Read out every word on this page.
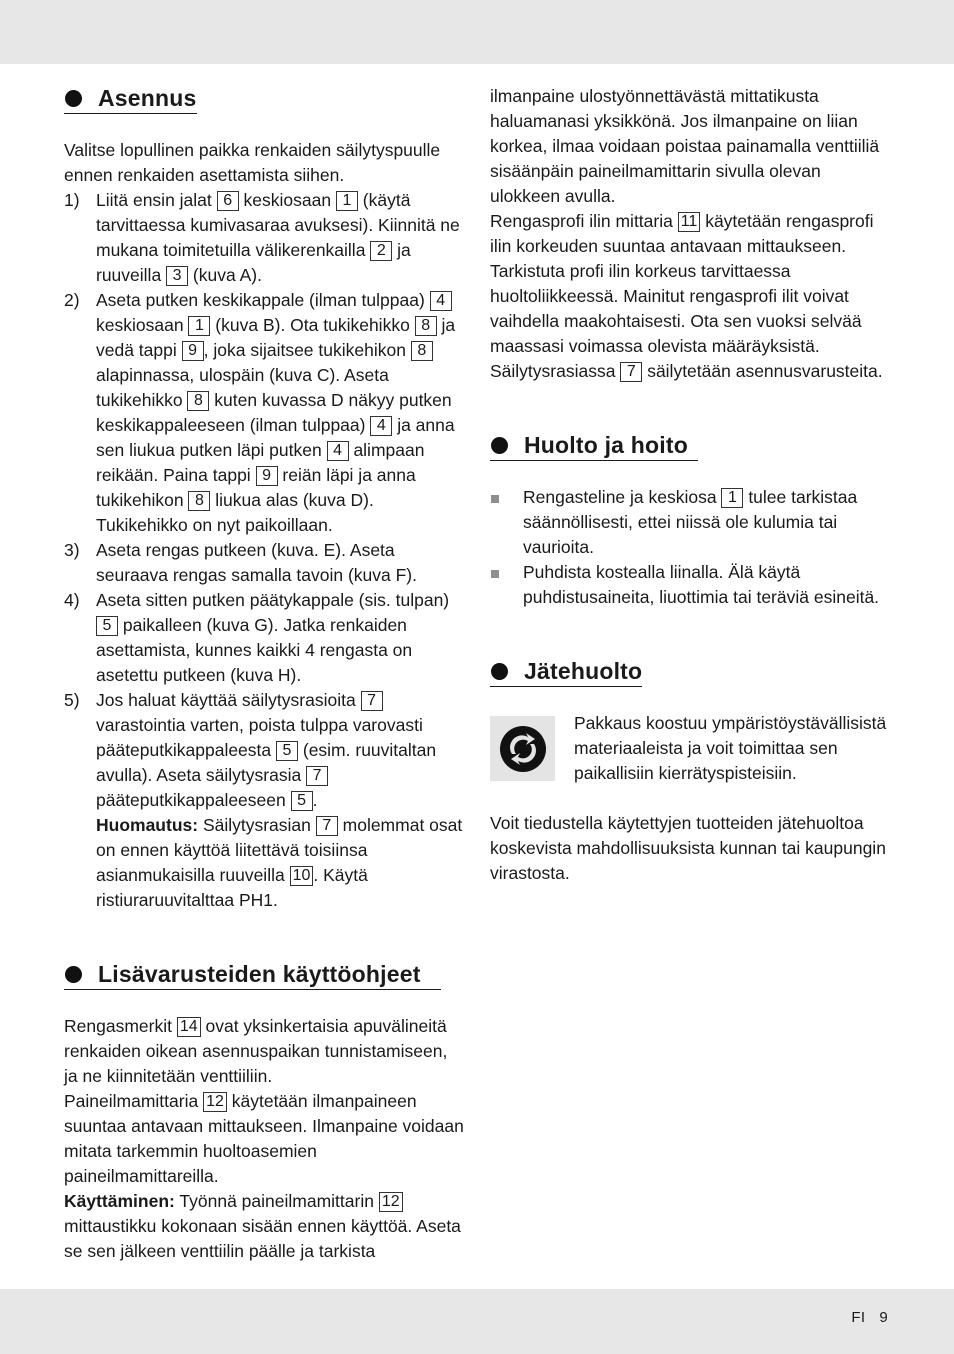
Asennus

Valitse lopullinen paikka renkaiden säilytyspuulle ennen renkaiden asettamista siihen.

1) Liitä ensin jalat 6 keskiosaan 1 (käytä tarvittaessa kumivasaraa avuksesi). Kiinnitä ne mukana toimitetuilla välikerenkailla 2 ja ruuveilla 3 (kuva A).
2) Aseta putken keskikappale (ilman tulppaa) 4 keskiosaan 1 (kuva B). Ota tukikehikko 8 ja vedä tappi 9 , joka sijaitsee tukikehikon 8 alapinnassa, ulospäin (kuva C). Aseta tukikehikko 8 kuten kuvassa D näkyy putken keskikappaleeseen (ilman tulppaa) 4 ja anna sen liukua putken läpi putken 4 alimpaan reikään. Paina tappi 9 reiän läpi ja anna tukikehikon 8 liukua alas (kuva D). Tukikehikko on nyt paikoillaan.
3) Aseta rengas putkeen (kuva. E). Aseta seuraava rengas samalla tavoin (kuva F).
4) Aseta sitten putken päätykappale (sis. tulpan) 5 paikalleen (kuva G). Jatka renkaiden asettamista, kunnes kaikki 4 rengasta on asetettu putkeen (kuva H).
5) Jos haluat käyttää säilytysrasioita 7 varastointia varten, poista tulppa varovasti pääteputkikappaleesta 5 (esim. ruuvitaltan avulla). Aseta säilytysrasia 7 pääteputkikappaleeseen 5 .

Huomautus: Säilytysrasian 7 molemmat osat on ennen käyttöä liitettävä toisiinsa asianmukaisilla ruuveilla 10 . Käytä ristiuraruuvitalttaa PH1.

Lisävarusteiden käyttöohjeet

Rengasmerkit 14 ovat yksinkertaisia apuvälineitä renkaiden oikean asennuspaikan tunnistamiseen, ja ne kiinnitetään venttiiliin.

Paineilmamittaria 12 käytetään ilmanpaineen suuntaa antavaan mittaukseen. Ilmanpaine voidaan mitata tarkemmin huoltoasemien paineilmamittareilla.

Käyttäminen: Työnnä paineilmamittarin 12 mittaustikku kokonaan sisään ennen käyttöä. Aseta se sen jälkeen venttiilin päälle ja tarkista

ilmanpaine ulostyönnettävästä mittatikusta haluamanasi yksikkönä. Jos ilmanpaine on liian korkea, ilmaa voidaan poistaa painamalla venttiiliä sisäänpäin paineilmamittarin sivulla olevan ulokkeen avulla.

Rengasprofi ilin mittaria 11 käytetään rengasprofi ilin korkeuden suuntaa antavaan mittaukseen. Tarkistuta profi ilin korkeus tarvittaessa huoltoliikkeessä. Mainitut rengasprofi ilit voivat vaihdella maakohtaisesti. Ota sen vuoksi selvää maassasi voimassa olevista määräyksistä.

Säilytysrasiassa 7 säilytetään asennusvarusteita.

Huolto ja hoito
Rengasteline ja keskiosa 1 tulee tarkistaa säännöllisesti, ettei niissä ole kulumia tai vaurioita.
Puhdista kostealla liinalla. Älä käytä puhdistusaineita, liuottimia tai teräviä esineitä.
Jätehuolto

Pakkaus koostuu ympäristöystävällisistä materiaaleista ja voit toimittaa sen paikallisiin kierrätyspisteisiin.

Voit tiedustella käytettyjen tuotteiden jätehuoltoa koskevista mahdollisuuksista kunnan tai kaupungin virastosta.

FI 9
